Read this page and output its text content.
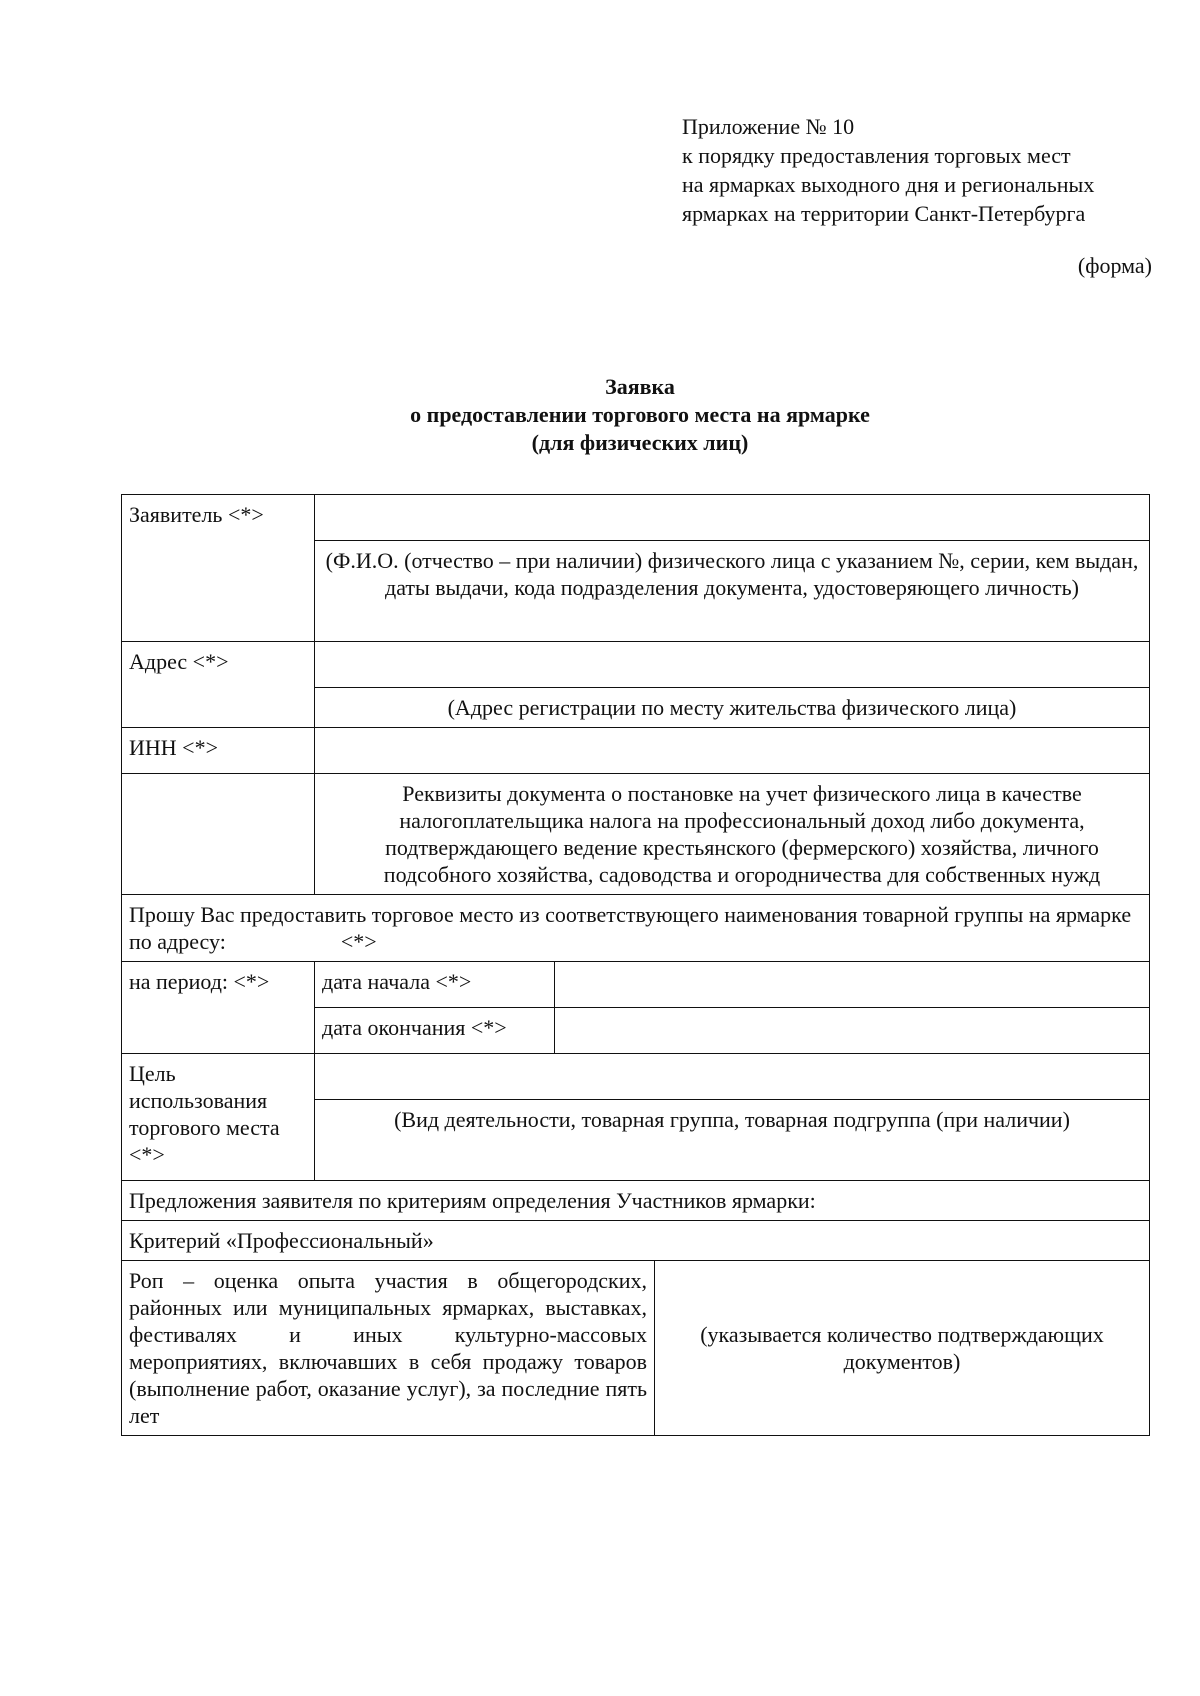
Приложение № 10
к порядку предоставления торговых мест
на ярмарках выходного дня и региональных
ярмарках на территории Санкт-Петербурга
(форма)
Заявка
о предоставлении торгового места на ярмарке
(для физических лиц)
Заявитель <*>			
	(Ф.И.О. (отчество – при наличии) физического лица с указанием №, серии, кем выдан, даты выдачи, кода подразделения документа, удостоверяющего личность)		
Адрес <*>			
	(Адрес регистрации по месту жительства физического лица)		
ИНН <*>			
	Реквизиты документа о постановке на учет физического лица в качестве налогоплательщика налога на профессиональный доход либо документа, подтверждающего ведение крестьянского (фермерского) хозяйства, личного подсобного хозяйства, садоводства и огородничества для собственных нужд		
Прошу Вас предоставить торговое место из соответствующего наименования товарной группы на ярмарке по адресу: <*>			
на период: <*>	дата начала <*>		
	дата окончания <*>		
Цель использования торгового места <*>			
	(Вид деятельности, товарная группа, товарная подгруппа (при наличии)		
Предложения заявителя по критериям определения Участников ярмарки:			
Критерий «Профессиональный»			
Роп – оценка опыта участия в общегородских, районных или муниципальных ярмарках, выставках, фестивалях и иных культурно-массовых мероприятиях, включавших в себя продажу товаров (выполнение работ, оказание услуг), за последние пять лет			(указывается количество подтверждающих документов)
